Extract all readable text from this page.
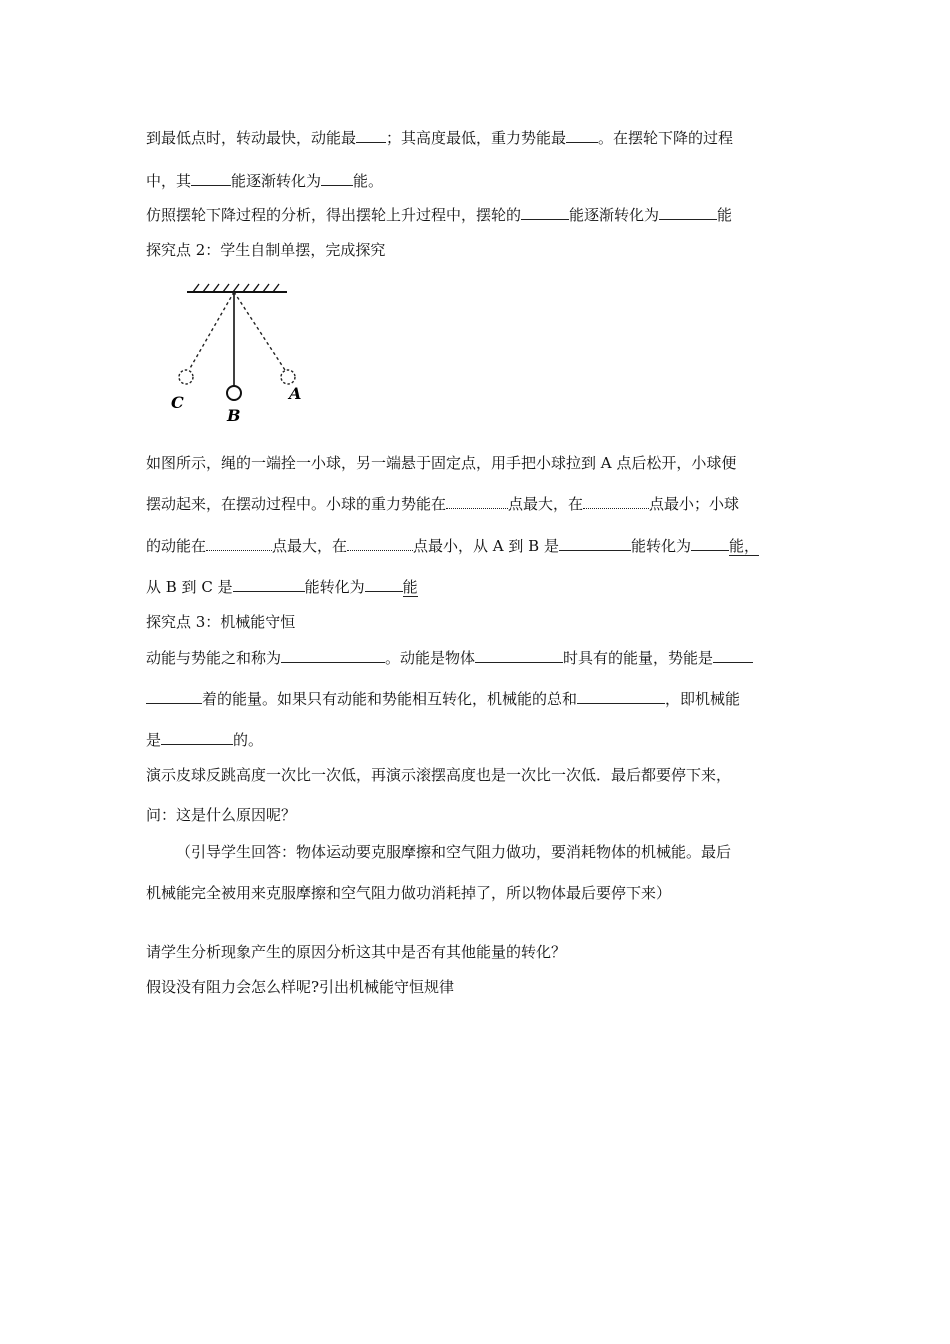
到最低点时，转动最快，动能最 ；其高度最低，重力势能最 。在摆轮下降的过程
中，其	能逐渐转化为 能。
仿照摆轮下降过程的分析，得出摆轮上升过程中，摆轮的	能逐渐转化为	能
探究点 2：学生自制单摆，完成探究
C
B
A
如图所示，绳的一端拴一小球，另一端悬于固定点，用手把小球拉到 A 点后松开，小球便
摆动起来，在摆动过程中。小球的重力势能在	点最大，在	点最小；小球
的动能在	点最大，在	点最小，从 A 到 B 是	能转化为	能，
从 B 到 C 是	能转化为	能
探究点 3：机械能守恒
动能与势能之和称为	。动能是物体	时具有的能量，势能是
着的能量。如果只有动能和势能相互转化，机械能的总和	，即机械能
是	的。
演示皮球反跳高度一次比一次低，再演示滚摆高度也是一次比一次低．最后都要停下来，
问：这是什么原因呢？
（引导学生回答：物体运动要克服摩擦和空气阻力做功，要消耗物体的机械能。最后
机械能完全被用来克服摩擦和空气阻力做功消耗掉了，所以物体最后要停下来）
请学生分析现象产生的原因分析这其中是否有其他能量的转化？
假设没有阻力会怎么样呢?引出机械能守恒规律
